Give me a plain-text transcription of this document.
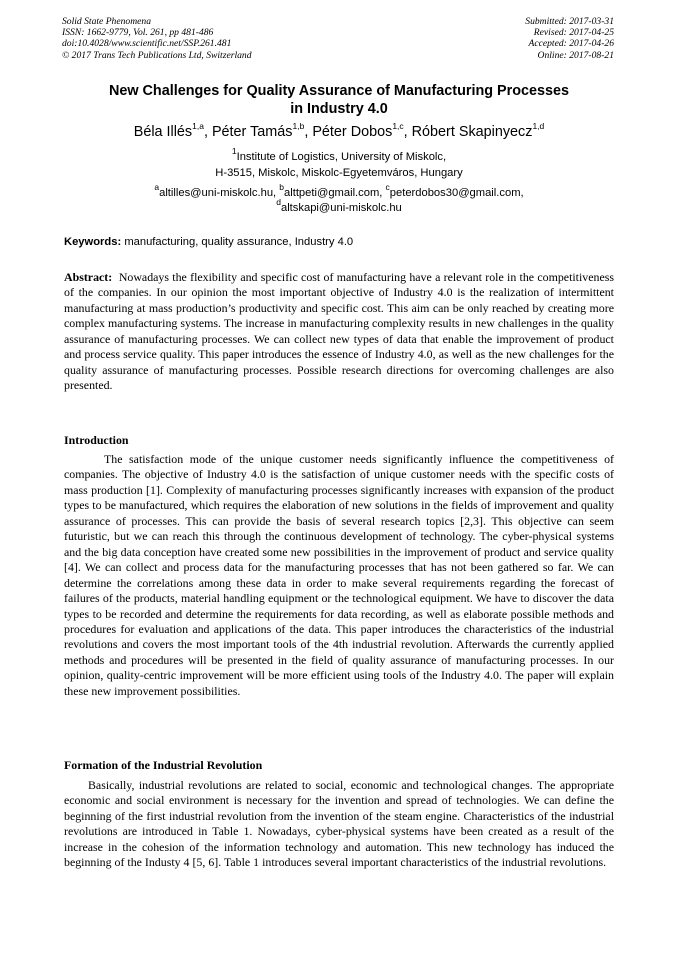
Solid State Phenomena
ISSN: 1662-9779, Vol. 261, pp 481-486
doi:10.4028/www.scientific.net/SSP.261.481
© 2017 Trans Tech Publications Ltd, Switzerland
Submitted: 2017-03-31
Revised: 2017-04-25
Accepted: 2017-04-26
Online: 2017-08-21
New Challenges for Quality Assurance of Manufacturing Processes
in Industry 4.0
Béla Illés$^{1,a}$, Péter Tamás$^{1,b}$, Péter Dobos$^{1,c}$, Róbert Skapinyecz$^{1,d}$
$^1$Institute of Logistics, University of Miskolc,
H-3515, Miskolc, Miskolc-Egyetemváros, Hungary
$^a$altilles@uni-miskolc.hu, $^b$alttpeti@gmail.com, $^c$peterdobos30@gmail.com,
$^d$altskapi@uni-miskolc.hu
Keywords: manufacturing, quality assurance, Industry 4.0
Abstract: Nowadays the flexibility and specific cost of manufacturing have a relevant role in the competitiveness of the companies. In our opinion the most important objective of Industry 4.0 is the realization of intermittent manufacturing at mass production’s productivity and specific cost. This aim can be only reached by creating more complex manufacturing systems. The increase in manufacturing complexity results in new challenges in the quality assurance of manufacturing processes. We can collect new types of data that enable the improvement of product and process service quality. This paper introduces the essence of Industry 4.0, as well as the new challenges for the quality assurance of manufacturing processes. Possible research directions for overcoming challenges are also presented.
Introduction

The satisfaction mode of the unique customer needs significantly influence the competitiveness of companies. The objective of Industry 4.0 is the satisfaction of unique customer needs with the specific costs of mass production [1]. Complexity of manufacturing processes significantly increases with expansion of the product types to be manufactured, which requires the elaboration of new solutions in the fields of improvement and quality assurance of processes. This can provide the basis of several research topics [2,3]. This objective can seem futuristic, but we can reach this through the continuous development of technology. The cyber-physical systems and the big data conception have created some new possibilities in the improvement of product and service quality [4]. We can collect and process data for the manufacturing processes that has not been gathered so far. We can determine the correlations among these data in order to make several requirements regarding the forecast of failures of the products, material handling equipment or the technological equipment. We have to discover the data types to be recorded and determine the requirements for data recording, as well as elaborate possible methods and procedures for evaluation and applications of the data. This paper introduces the characteristics of the industrial revolutions and covers the most important tools of the 4th industrial revolution. Afterwards the currently applied methods and procedures will be presented in the field of quality assurance of manufacturing processes. In our opinion, quality-centric improvement will be more efficient using tools of the Industry 4.0. The paper will explain these new improvement possibilities.

Formation of the Industrial Revolution

Basically, industrial revolutions are related to social, economic and technological changes. The appropriate economic and social environment is necessary for the invention and spread of technologies. We can define the beginning of the first industrial revolution from the invention of the steam engine. Characteristics of the industrial revolutions are introduced in Table 1. Nowadays, cyber-physical systems have been created as a result of the increase in the cohesion of the information technology and automation. This new technology has induced the beginning of the Industy 4 [5, 6]. Table 1 introduces several important characteristics of the industrial revolutions.
